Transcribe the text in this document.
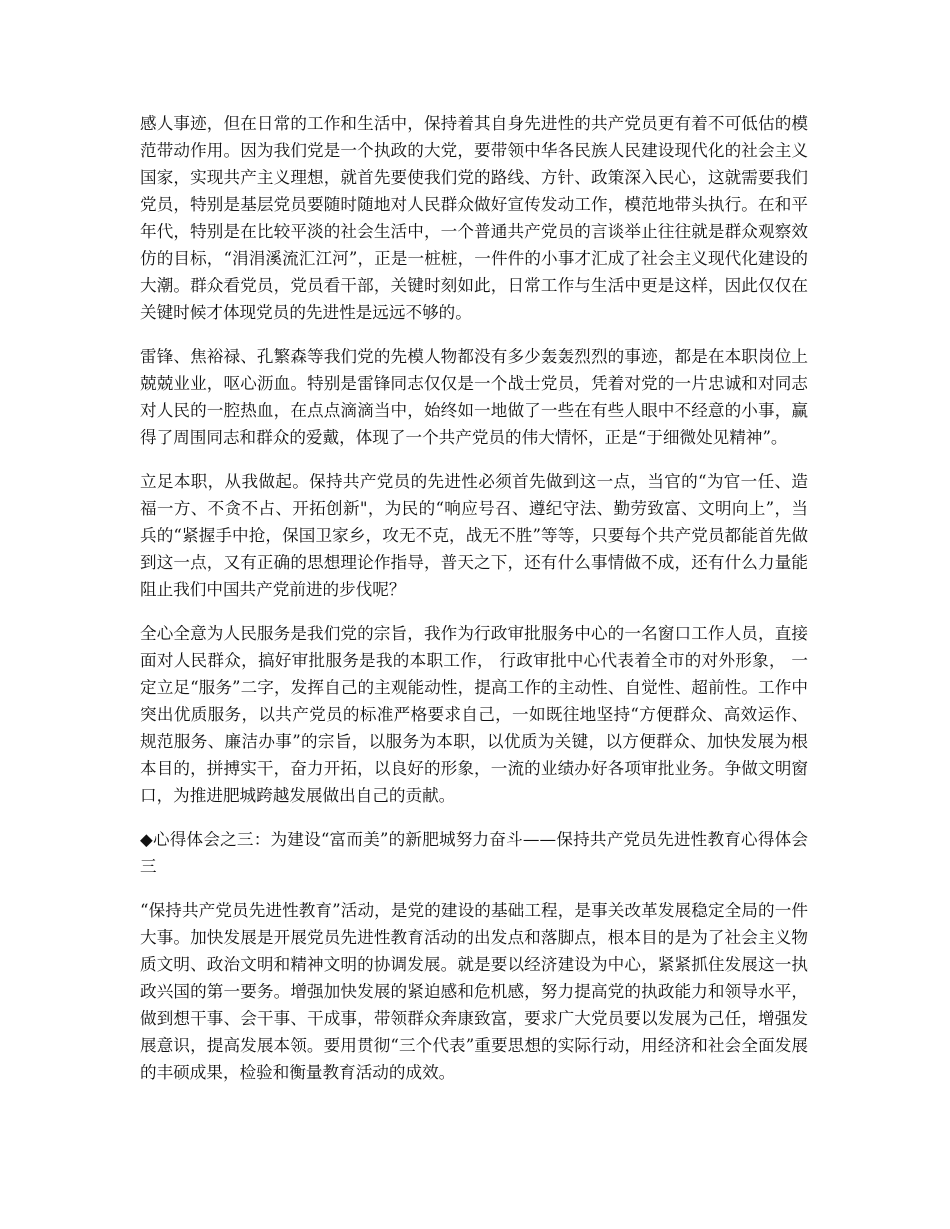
感人事迹，但在日常的工作和生活中，保持着其自身先进性的共产党员更有着不可低估的模范带动作用。因为我们党是一个执政的大党，要带领中华各民族人民建设现代化的社会主义国家，实现共产主义理想，就首先要使我们党的路线、方针、政策深入民心，这就需要我们党员，特别是基层党员要随时随地对人民群众做好宣传发动工作，模范地带头执行。在和平年代，特别是在比较平淡的社会生活中，一个普通共产党员的言谈举止往往就是群众观察效仿的目标，“涓涓溪流汇江河”，正是一桩桩，一件件的小事才汇成了社会主义现代化建设的大潮。群众看党员，党员看干部，关键时刻如此，日常工作与生活中更是这样，因此仅仅在关键时候才体现党员的先进性是远远不够的。

雷锋、焦裕禄、孔繁森等我们党的先模人物都没有多少轰轰烈烈的事迹，都是在本职岗位上兢兢业业，呕心沥血。特别是雷锋同志仅仅是一个战士党员，凭着对党的一片忠诚和对同志对人民的一腔热血，在点点滴滴当中，始终如一地做了一些在有些人眼中不经意的小事，赢得了周围同志和群众的爱戴，体现了一个共产党员的伟大情怀，正是“于细微处见精神”。

立足本职，从我做起。保持共产党员的先进性必须首先做到这一点，当官的“为官一任、造福一方、不贪不占、开拓创新"，为民的“响应号召、遵纪守法、勤劳致富、文明向上”，当兵的“紧握手中抢，保国卫家乡，攻无不克，战无不胜”等等，只要每个共产党员都能首先做到这一点，又有正确的思想理论作指导，普天之下，还有什么事情做不成，还有什么力量能阻止我们中国共产党前进的步伐呢？

全心全意为人民服务是我们党的宗旨，我作为行政审批服务中心的一名窗口工作人员，直接面对人民群众，搞好审批服务是我的本职工作， 行政审批中心代表着全市的对外形象， 一定立足“服务”二字，发挥自己的主观能动性，提高工作的主动性、自觉性、超前性。工作中突出优质服务，以共产党员的标准严格要求自己，一如既往地坚持“方便群众、高效运作、规范服务、廉洁办事”的宗旨，以服务为本职，以优质为关键，以方便群众、加快发展为根本目的，拼搏实干，奋力开拓，以良好的形象，一流的业绩办好各项审批业务。争做文明窗口，为推进肥城跨越发展做出自己的贡献。

◆心得体会之三：为建设“富而美”的新肥城努力奋斗——保持共产党员先进性教育心得体会三

“保持共产党员先进性教育”活动，是党的建设的基础工程，是事关改革发展稳定全局的一件大事。加快发展是开展党员先进性教育活动的出发点和落脚点，根本目的是为了社会主义物质文明、政治文明和精神文明的协调发展。就是要以经济建设为中心，紧紧抓住发展这一执政兴国的第一要务。增强加快发展的紧迫感和危机感，努力提高党的执政能力和领导水平，做到想干事、会干事、干成事，带领群众奔康致富，要求广大党员要以发展为己任，增强发展意识，提高发展本领。要用贯彻“三个代表”重要思想的实际行动，用经济和社会全面发展的丰硕成果，检验和衡量教育活动的成效。
